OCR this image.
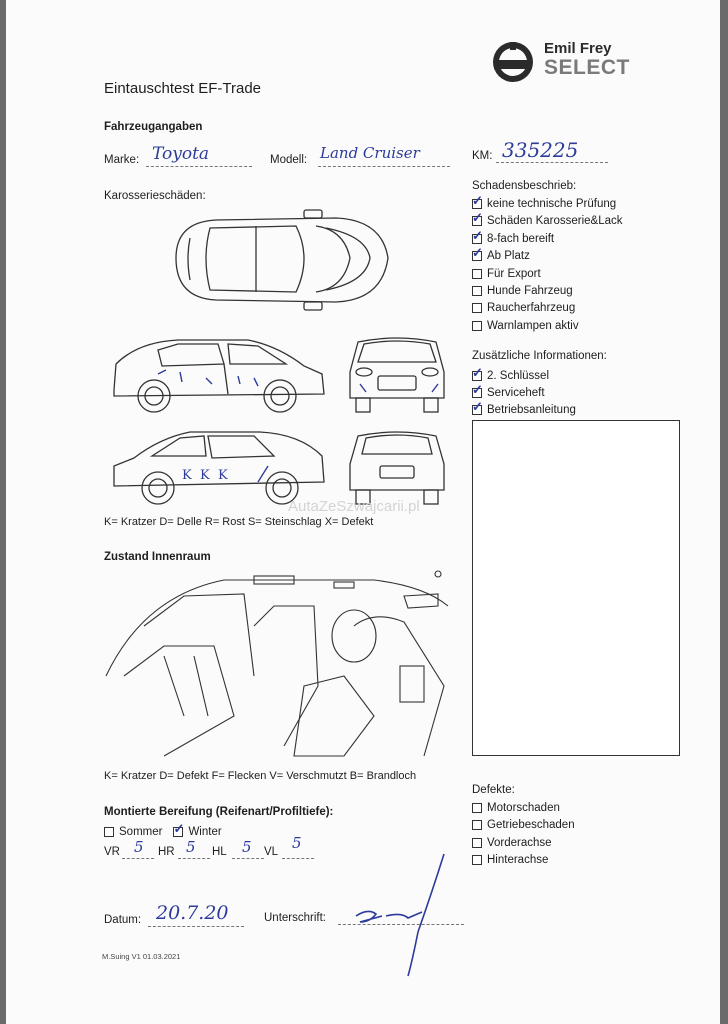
Emil Frey
SELECT
Eintauschtest EF-Trade
Fahrzeugangaben
Marke: Toyota	Modell: Land Cruiser	KM: 335225
Karosserieschäden:
K K K
AutaZeSzwajcarii.pl
K= Kratzer D= Delle R= Rost S= Steinschlag X= Defekt
Zustand Innenraum
K= Kratzer D= Defekt F= Flecken V= Verschmutzt B= Brandloch
Montierte Bereifung (Reifenart/Profiltiefe):
Sommer
✓ Winter
VR 5 HR 5 HL 5 VL 5
Datum: 20.7.20	Unterschrift:
M.Suing V1 01.03.2021
Schadensbeschrieb:
✓
keine technische Prüfung
✓
Schäden Karosserie&Lack
✓
8-fach bereift
✓
Ab Platz
Für Export
Hunde Fahrzeug
Raucherfahrzeug
Warnlampen aktiv
Zusätzliche Informationen:
✓
2. Schlüssel
✓
Serviceheft
✓
Betriebsanleitung
Defekte:
Motorschaden
Getriebeschaden
Vorderachse
Hinterachse
